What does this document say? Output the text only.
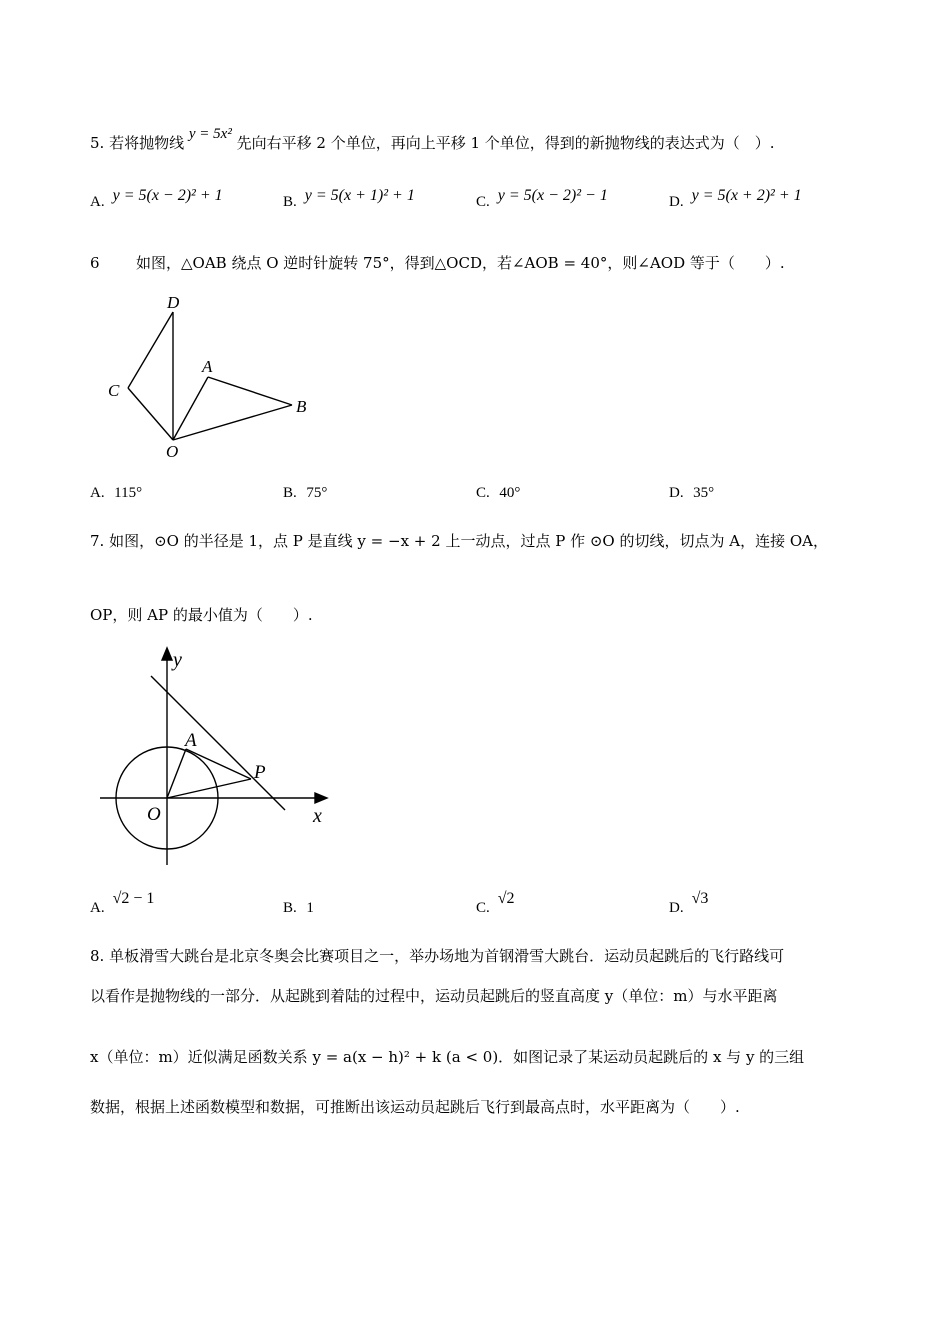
5. 若将抛物线 y = 5x² 先向右平移 2 个单位，再向上平移 1 个单位，得到的新抛物线的表达式为（　）.
A. y = 5(x − 2)² + 1	B. y = 5(x + 1)² + 1	C. y = 5(x − 2)² − 1	D. y = 5(x + 2)² + 1
6 如图，△OAB 绕点 O 逆时针旋转 75°，得到△OCD，若∠AOB = 40°，则∠AOD 等于（　　）.
D
A
C
B
O
A. 115°	B. 75°	C. 40°	D. 35°
7. 如图，⊙O 的半径是 1，点 P 是直线 y = −x + 2 上一动点，过点 P 作 ⊙O 的切线，切点为 A，连接 OA，
OP，则 AP 的最小值为（　　）.
y
A
P
O	x
A.√2 − 1
B. 1	C.√2
D.√3
8. 单板滑雪大跳台是北京冬奥会比赛项目之一，举办场地为首钢滑雪大跳台．运动员起跳后的飞行路线可
以看作是抛物线的一部分．从起跳到着陆的过程中，运动员起跳后的竖直高度 y（单位：m）与水平距离
x（单位：m）近似满足函数关系 y = a(x − h)² + k (a < 0)．如图记录了某运动员起跳后的 x 与 y 的三组
数据，根据上述函数模型和数据，可推断出该运动员起跳后飞行到最高点时，水平距离为（　　）.
